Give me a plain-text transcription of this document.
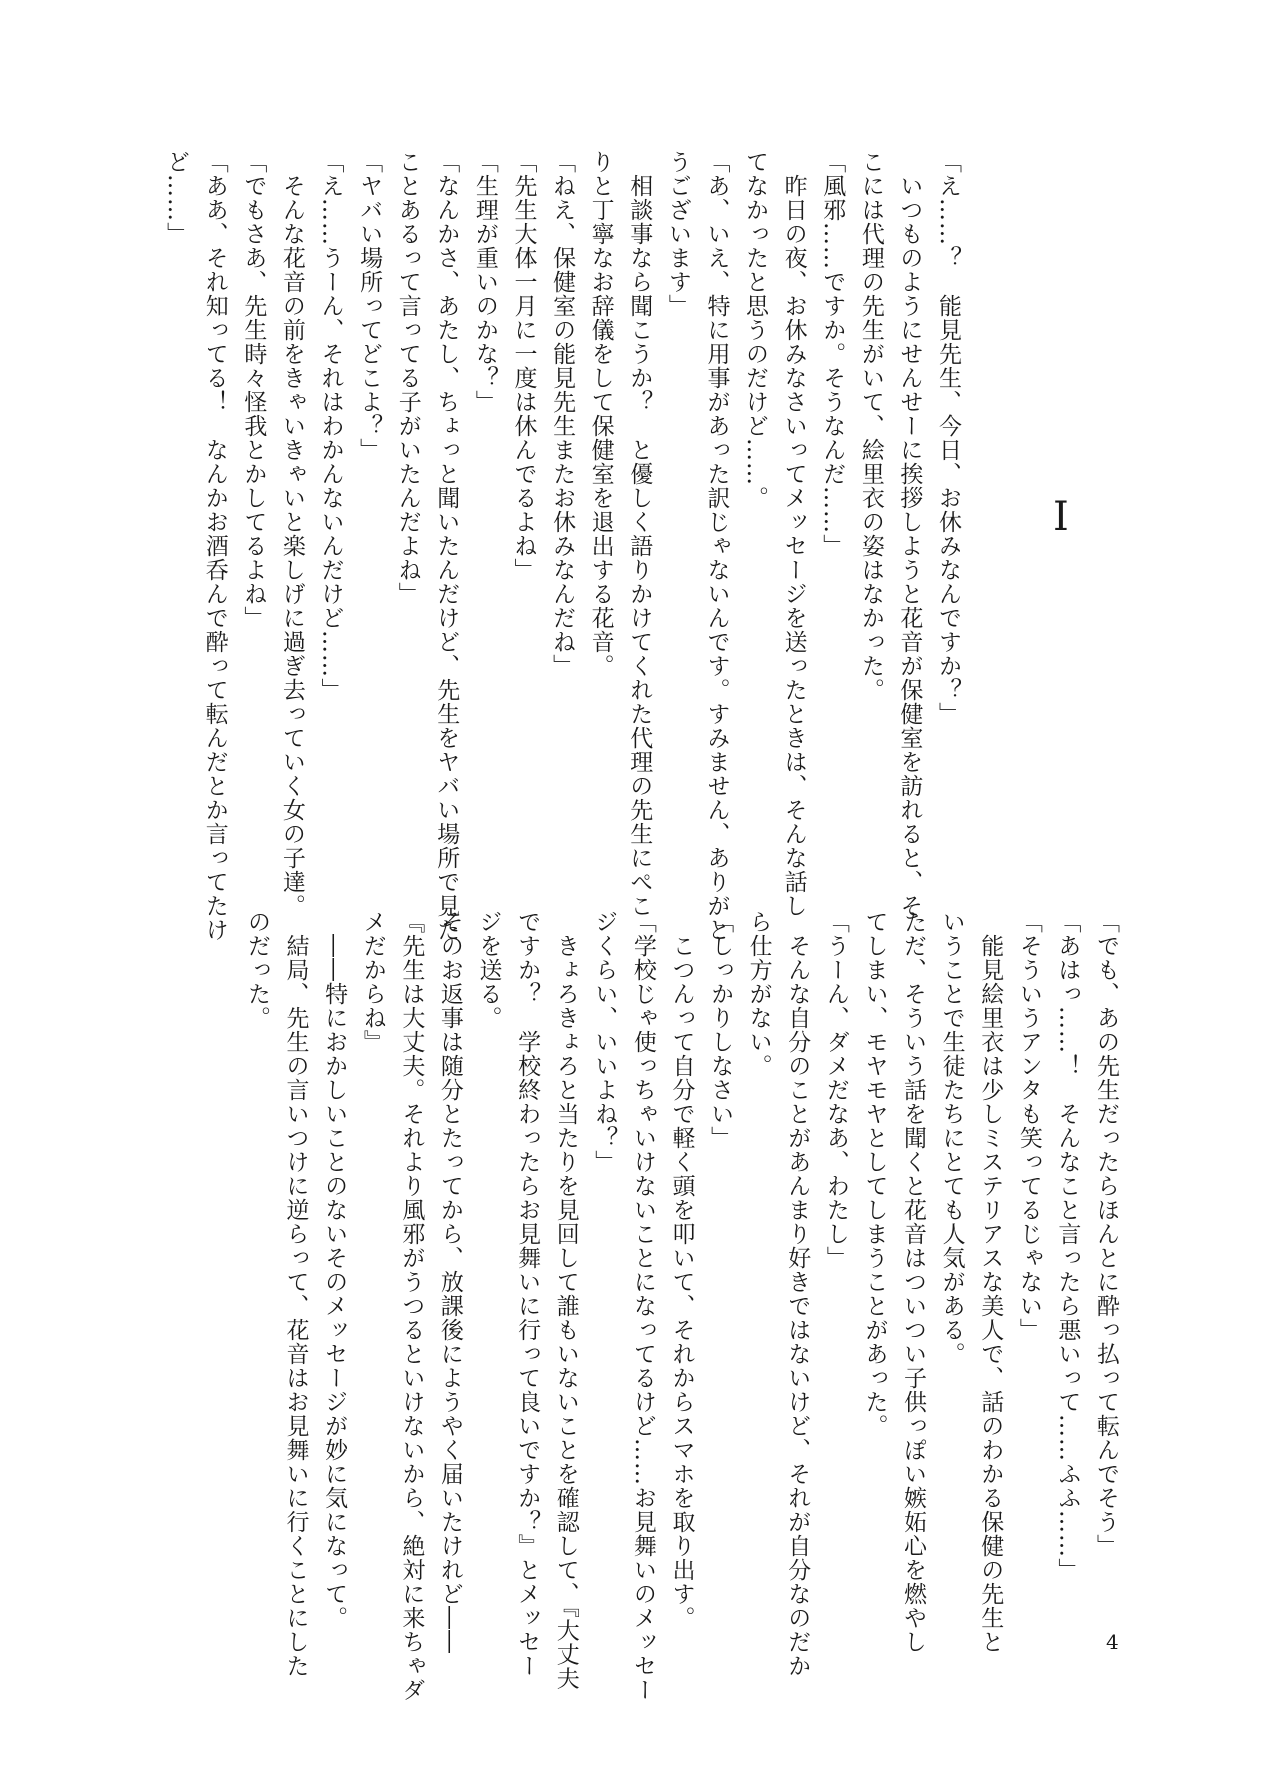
I

「え……？　能見先生、今日、お休みなんですか？」

　いつものようにせんせーに挨拶しようと花音が保健室を訪れると、そ

こには代理の先生がいて、絵里衣の姿はなかった。

「風邪……ですか。そうなんだ……」

　昨日の夜、お休みなさいってメッセージを送ったときは、そんな話し

てなかったと思うのだけど……。

「あ、いえ、特に用事があった訳じゃないんです。すみません、ありがと

うございます」

　相談事なら聞こうか？　と優しく語りかけてくれた代理の先生にぺこ

りと丁寧なお辞儀をして保健室を退出する花音。

「ねえ、保健室の能見先生またお休みなんだね」

「先生大体一月に一度は休んでるよね」

「生理が重いのかな？」

「なんかさ、あたし、ちょっと聞いたんだけど、先生をヤバい場所で見た

ことあるって言ってる子がいたんだよね」

「ヤバい場所ってどこよ？」

「え……うーん、それはわかんないんだけど……」

　そんな花音の前をきゃいきゃいと楽しげに過ぎ去っていく女の子達。

「でもさあ、先生時々怪我とかしてるよね」

「ああ、それ知ってる！　なんかお酒呑んで酔って転んだとか言ってたけ

ど……」

「でも、あの先生だったらほんとに酔っ払って転んでそう」

「あはっ……！　そんなこと言ったら悪いって……ふふ……」

「そういうアンタも笑ってるじゃない」

　能見絵里衣は少しミステリアスな美人で、話のわかる保健の先生と

いうことで生徒たちにとても人気がある。

ただ、そういう話を聞くと花音はついつい子供っぽい嫉妬心を燃やし

てしまい、モヤモヤとしてしまうことがあった。

「うーん、ダメだなあ、わたし」

　そんな自分のことがあんまり好きではないけど、それが自分なのだか

ら仕方がない。

「しっかりしなさい」

　こつんって自分で軽く頭を叩いて、それからスマホを取り出す。

「学校じゃ使っちゃいけないことになってるけど……お見舞いのメッセー

ジくらい、いいよね？」

　きょろきょろと当たりを見回して誰もいないことを確認して、『大丈夫

ですか？　学校終わったらお見舞いに行って良いですか？』とメッセー

ジを送る。

そのお返事は随分とたってから、放課後にようやく届いたけれど――

『先生は大丈夫。それより風邪がうつるといけないから、絶対に来ちゃダ

メだからね』

　――特におかしいことのないそのメッセージが妙に気になって。

　結局、先生の言いつけに逆らって、花音はお見舞いに行くことにした

のだった。

4
